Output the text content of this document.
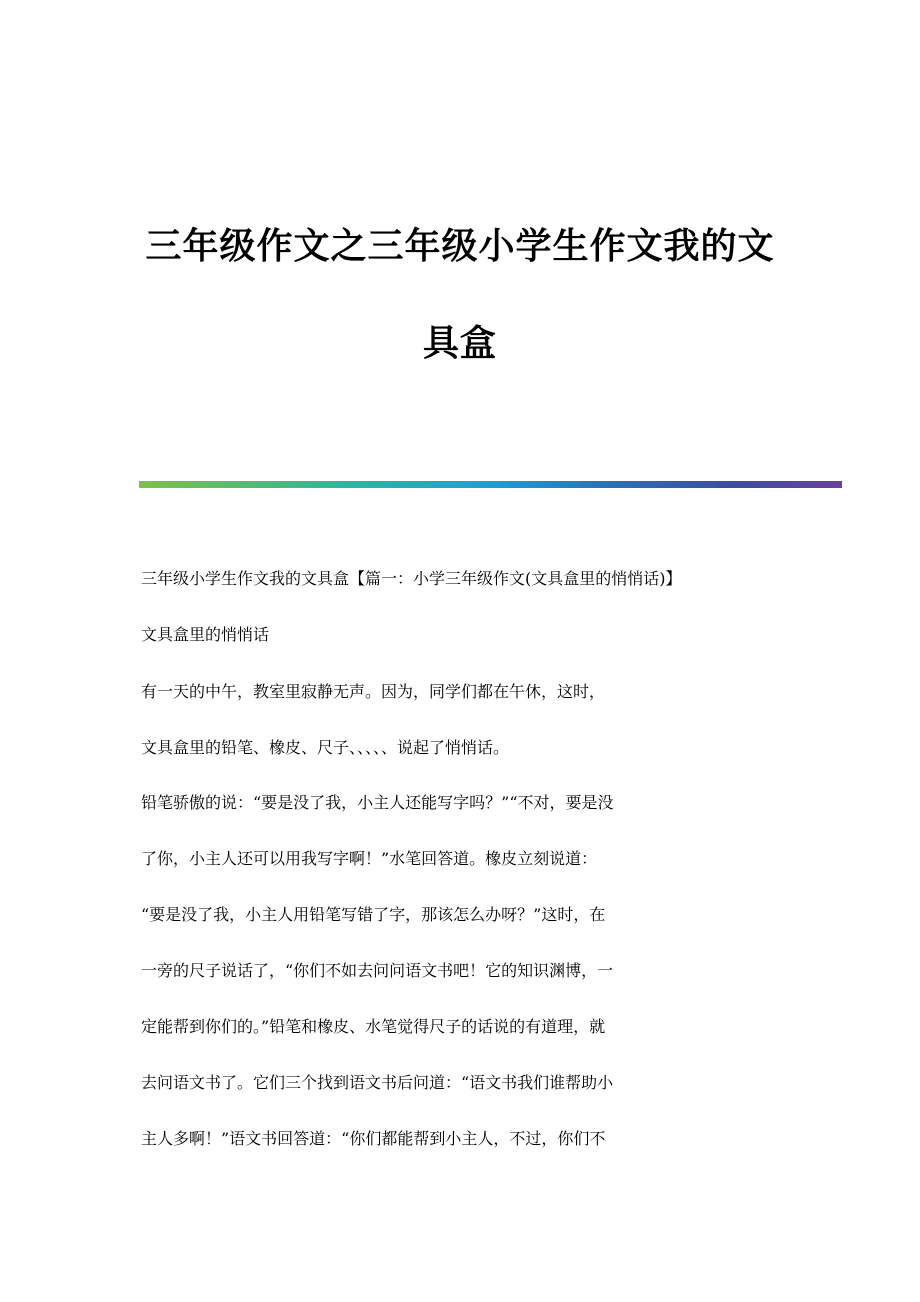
三年级作文之三年级小学生作文我的文
具盒

三年级小学生作文我的文具盒【篇一：小学三年级作文(文具盒里的悄悄话)】

文具盒里的悄悄话

有一天的中午，教室里寂静无声。因为，同学们都在午休，这时，

文具盒里的铅笔、橡皮、尺子、、、、、说起了悄悄话。

铅笔骄傲的说：“要是没了我，小主人还能写字吗？”“不对，要是没

了你，小主人还可以用我写字啊！”水笔回答道。橡皮立刻说道：

“要是没了我，小主人用铅笔写错了字，那该怎么办呀？”这时，在

一旁的尺子说话了，“你们不如去问问语文书吧！它的知识渊博，一

定能帮到你们的。”铅笔和橡皮、水笔觉得尺子的话说的有道理，就

去问语文书了。它们三个找到语文书后问道：“语文书我们谁帮助小

主人多啊！”语文书回答道：“你们都能帮到小主人，不过，你们不
